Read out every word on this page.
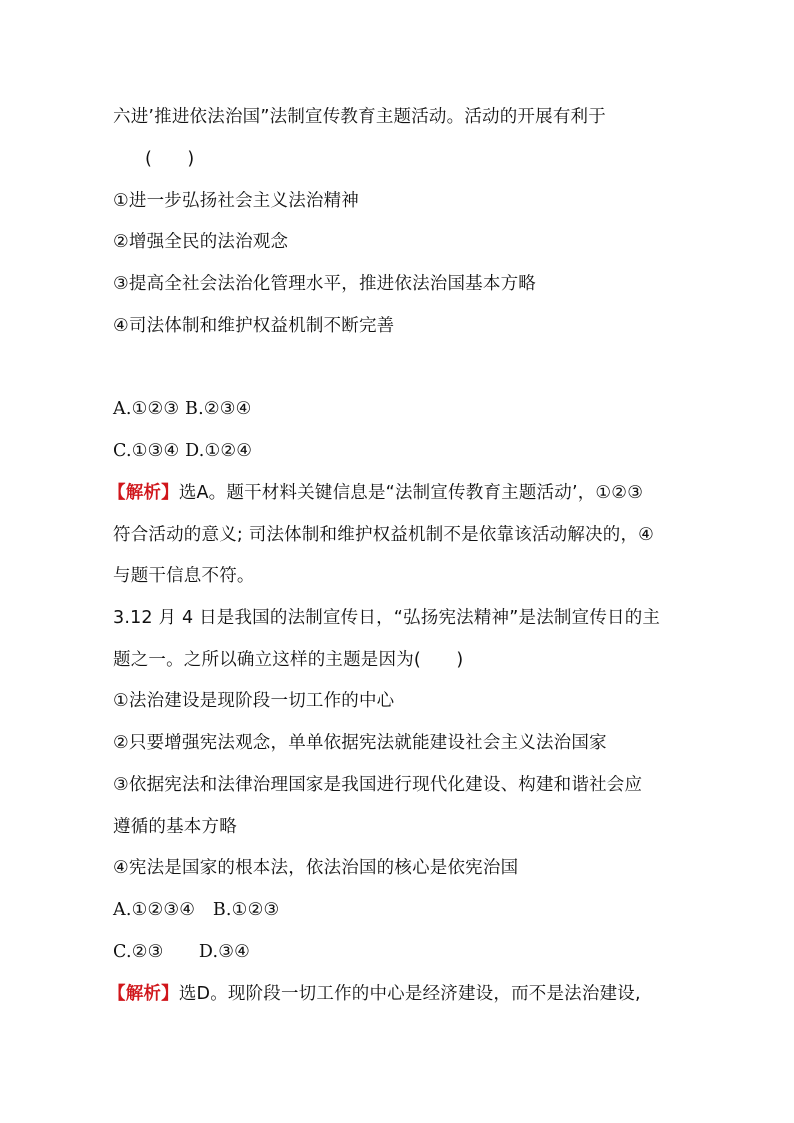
六进’推进依法治国”法制宣传教育主题活动。活动的开展有利于
(　　)
①进一步弘扬社会主义法治精神
②增强全民的法治观念
③提高全社会法治化管理水平，推进依法治国基本方略
④司法体制和维护权益机制不断完善
A.①②③ B.②③④
C.①③④ D.①②④
【解析】选A。题干材料关键信息是“法制宣传教育主题活动’，①②③
符合活动的意义; 司法体制和维护权益机制不是依靠该活动解决的，④
与题干信息不符。
3.12 月 4 日是我国的法制宣传日，“弘扬宪法精神”是法制宣传日的主
题之一。之所以确立这样的主题是因为(　　)
①法治建设是现阶段一切工作的中心
②只要增强宪法观念，单单依据宪法就能建设社会主义法治国家
③依据宪法和法律治理国家是我国进行现代化建设、构建和谐社会应
遵循的基本方略
④宪法是国家的根本法，依法治国的核心是依宪治国
A.①②③④　B.①②③
C.②③　　D.③④
【解析】选D。现阶段一切工作的中心是经济建设，而不是法治建设,
